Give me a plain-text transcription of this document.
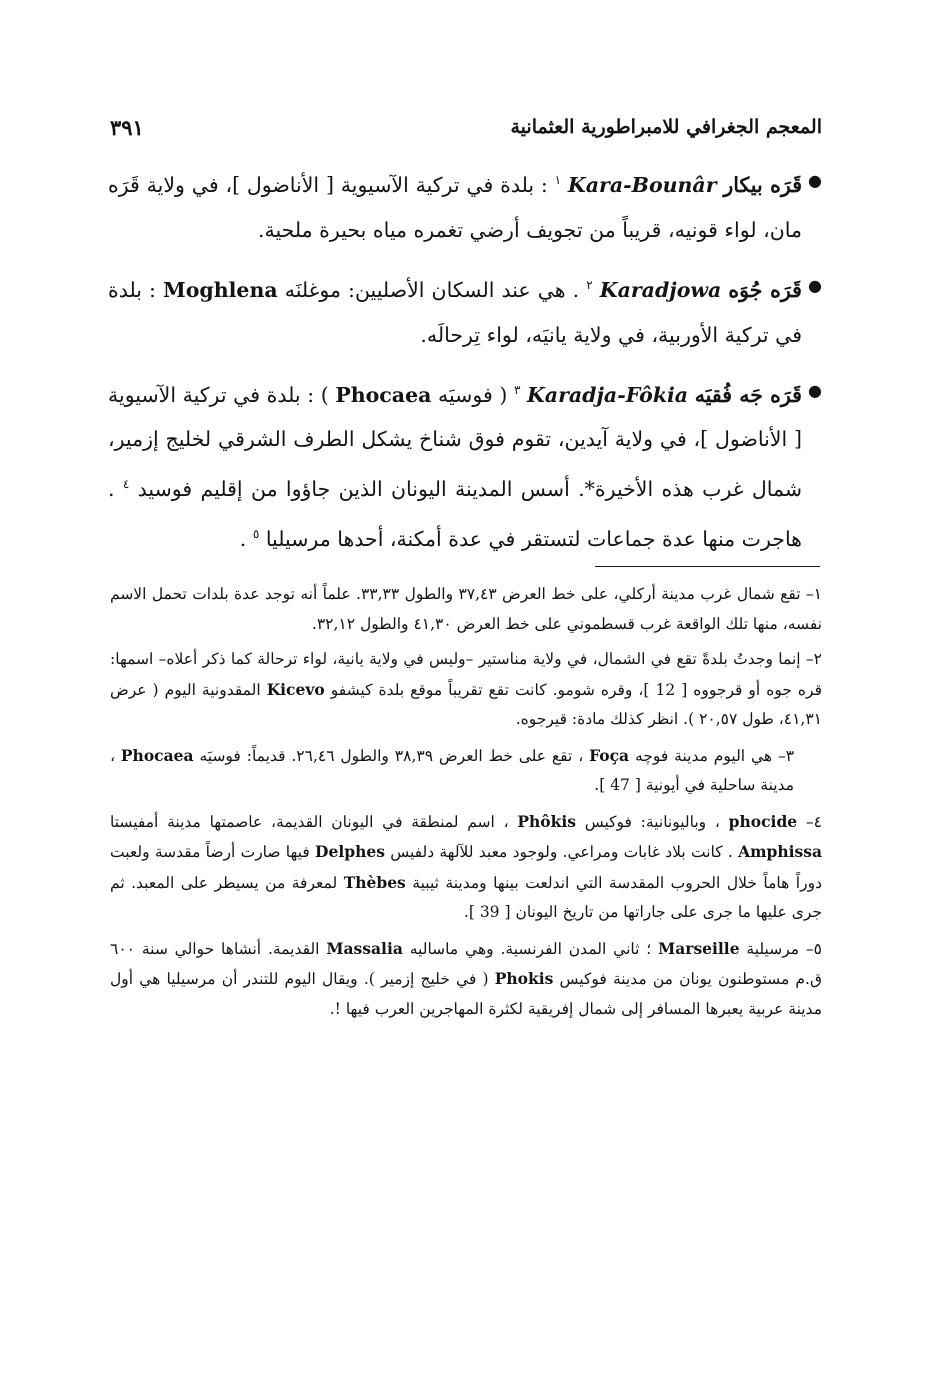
المعجم الجغرافي للامبراطورية العثمانية
٣٩١

●
قَرَه بيكار Kara-Bounâr $^١$ : بلدة في تركية الآسيوية [ الأناضول ]، في ولاية قَرَه مان، لواء قونيه، قريباً من تجويف أرضي تغمره مياه بحيرة ملحية.

●
قَرَه جُوَه Karadjowa $^٢$ . هي عند السكان الأصليين: موغلنَه Moghlena : بلدة في تركية الأوربية، في ولاية يانيَه، لواء تِرحالَه.

●
قَرَه جَه فُقيَه Karadja-Fôkia $^٣$ ( فوسيَه Phocaea ) : بلدة في تركية الآسيوية [ الأناضول ]، في ولاية آيدين، تقوم فوق شناخ يشكل الطرف الشرقي لخليج إزمير، شمال غرب هذه الأخيرة*. أسس المدينة اليونان الذين جاؤوا من إقليم فوسيد $^٤$ . هاجرت منها عدة جماعات لتستقر في عدة أمكنة، أحدها مرسيليا $^٥$ .

١– تقع شمال غرب مدينة أركلي، على خط العرض ٣٧,٤٣ والطول ٣٣,٣٣. علماً أنه توجد عدة بلدات تحمل الاسم نفسه، منها تلك الواقعة غرب قسطموني على خط العرض ٤١,٣٠ والطول ٣٢,١٢.

٢– إنما وجدتُ بلدةً تقع في الشمال، في ولاية مناستير –وليس في ولاية يانية، لواء ترحالة كما ذكر أعلاه– اسمها: قره جوه أو قرجووه [ 12 ]، وقره شومو. كانت تقع تقريباً موقع بلدة كيشفو Kicevo المقدونية اليوم ( عرض ٤١,٣١، طول ٢٠,٥٧ ). انظر كذلك مادة: قيرجوه.

٣– هي اليوم مدينة فوچه Foça ، تقع على خط العرض ٣٨,٣٩ والطول ٢٦,٤٦. قديماً: فوسيَه Phocaea ، مدينة ساحلية في أيونية [ 47 ].

٤– phocide ، وباليونانية: فوكيس Phôkis ، اسم لمنطقة في اليونان القديمة، عاصمتها مدينة أمفيستا Amphissa . كانت بلاد غابات ومراعي. ولوجود معبد للآلهة دلفيس Delphes فيها صارت أرضاً مقدسة ولعبت دوراً هاماً خلال الحروب المقدسة التي اندلعت بينها ومدينة ثيبية Thèbes لمعرفة من يسيطر على المعبد. ثم جرى عليها ما جرى على جاراتها من تاريخ اليونان [ 39 ].

٥– مرسيلية Marseille ؛ ثاني المدن الفرنسية. وهي ماساليه Massalia القديمة. أنشاها حوالي سنة ٦٠٠ ق.م مستوطنون يونان من مدينة فوكيس Phokis ( في خليج إزمير ). ويقال اليوم للتندر أن مرسيليا هي أول مدينة عربية يعبرها المسافر إلى شمال إفريقية لكثرة المهاجرين العرب فيها !.
